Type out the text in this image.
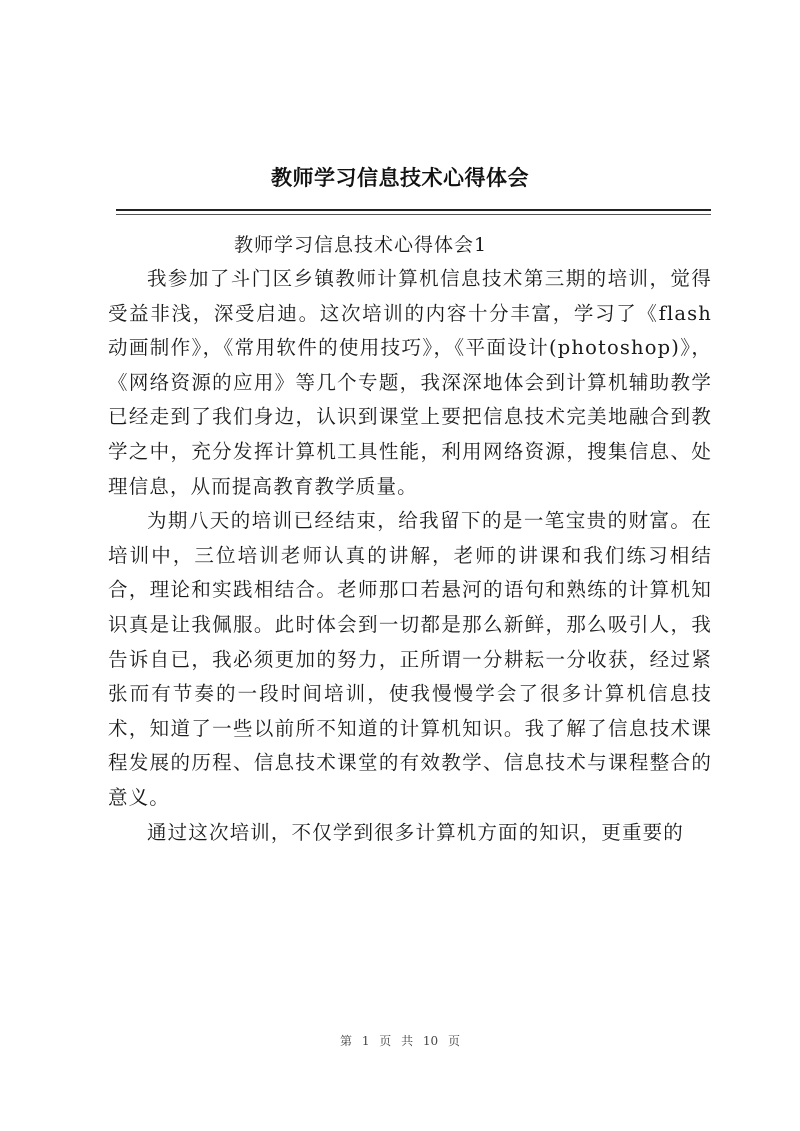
教师学习信息技术心得体会

教师学习信息技术心得体会1

我参加了斗门区乡镇教师计算机信息技术第三期的培训，觉得受益非浅，深受启迪。这次培训的内容十分丰富，学习了《flash动画制作》，《常用软件的使用技巧》，《平面设计(photoshop)》，《网络资源的应用》等几个专题，我深深地体会到计算机辅助教学已经走到了我们身边，认识到课堂上要把信息技术完美地融合到教学之中，充分发挥计算机工具性能，利用网络资源，搜集信息、处理信息，从而提高教育教学质量。

为期八天的培训已经结束，给我留下的是一笔宝贵的财富。在培训中，三位培训老师认真的讲解，老师的讲课和我们练习相结合，理论和实践相结合。老师那口若悬河的语句和熟练的计算机知识真是让我佩服。此时体会到一切都是那么新鲜，那么吸引人，我告诉自已，我必须更加的努力，正所谓一分耕耘一分收获，经过紧张而有节奏的一段时间培训，使我慢慢学会了很多计算机信息技术，知道了一些以前所不知道的计算机知识。我了解了信息技术课程发展的历程、信息技术课堂的有效教学、信息技术与课程整合的意义。

通过这次培训，不仅学到很多计算机方面的知识，更重要的

第 1 页 共 10 页
